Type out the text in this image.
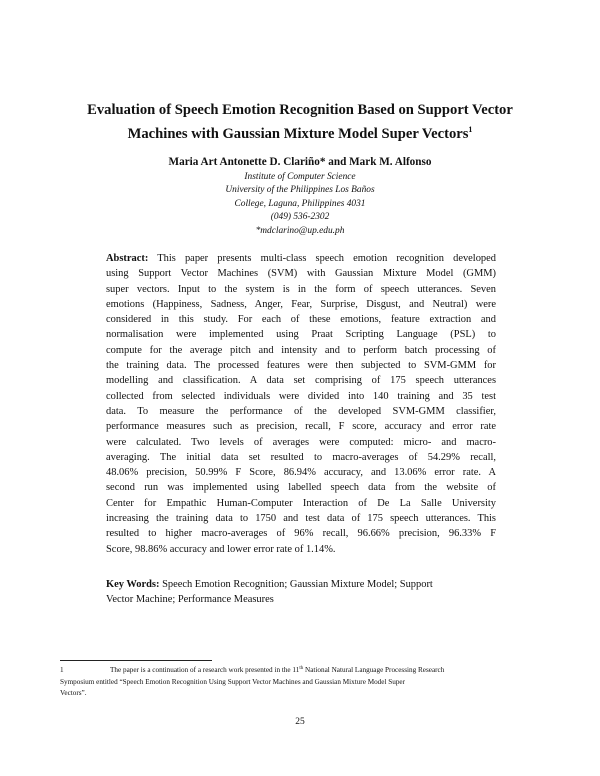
Evaluation of Speech Emotion Recognition Based on Support Vector
Machines with Gaussian Mixture Model Super Vectors$^1$
Maria Art Antonette D. Clariño* and Mark M. Alfonso
Institute of Computer Science
University of the Philippines Los Baños
College, Laguna, Philippines 4031
(049) 536-2302
*mdclarino@up.edu.ph
Abstract: This paper presents multi-class speech emotion recognition developed
using Support Vector Machines (SVM) with Gaussian Mixture Model (GMM)
super vectors. Input to the system is in the form of speech utterances. Seven
emotions (Happiness, Sadness, Anger, Fear, Surprise, Disgust, and Neutral) were
considered in this study. For each of these emotions, feature extraction and
normalisation were implemented using Praat Scripting Language (PSL) to
compute for the average pitch and intensity and to perform batch processing of
the training data. The processed features were then subjected to SVM-GMM for
modelling and classification. A data set comprising of 175 speech utterances
collected from selected individuals were divided into 140 training and 35 test
data. To measure the performance of the developed SVM-GMM classifier,
performance measures such as precision, recall, F score, accuracy and error rate
were calculated. Two levels of averages were computed: micro- and macro-
averaging. The initial data set resulted to macro-averages of 54.29% recall,
48.06% precision, 50.99% F Score, 86.94% accuracy, and 13.06% error rate. A
second run was implemented using labelled speech data from the website of
Center for Empathic Human-Computer Interaction of De La Salle University
increasing the training data to 1750 and test data of 175 speech utterances. This
resulted to higher macro-averages of 96% recall, 96.66% precision, 96.33% F
Score, 98.86% accuracy and lower error rate of 1.14%.
Key Words: Speech Emotion Recognition; Gaussian Mixture Model; Support
Vector Machine; Performance Measures
1	The paper is a continuation of a research work presented in the 11th National Natural Language Processing Research
Symposium entitled “Speech Emotion Recognition Using Support Vector Machines and Gaussian Mixture Model Super
Vectors”.
25
